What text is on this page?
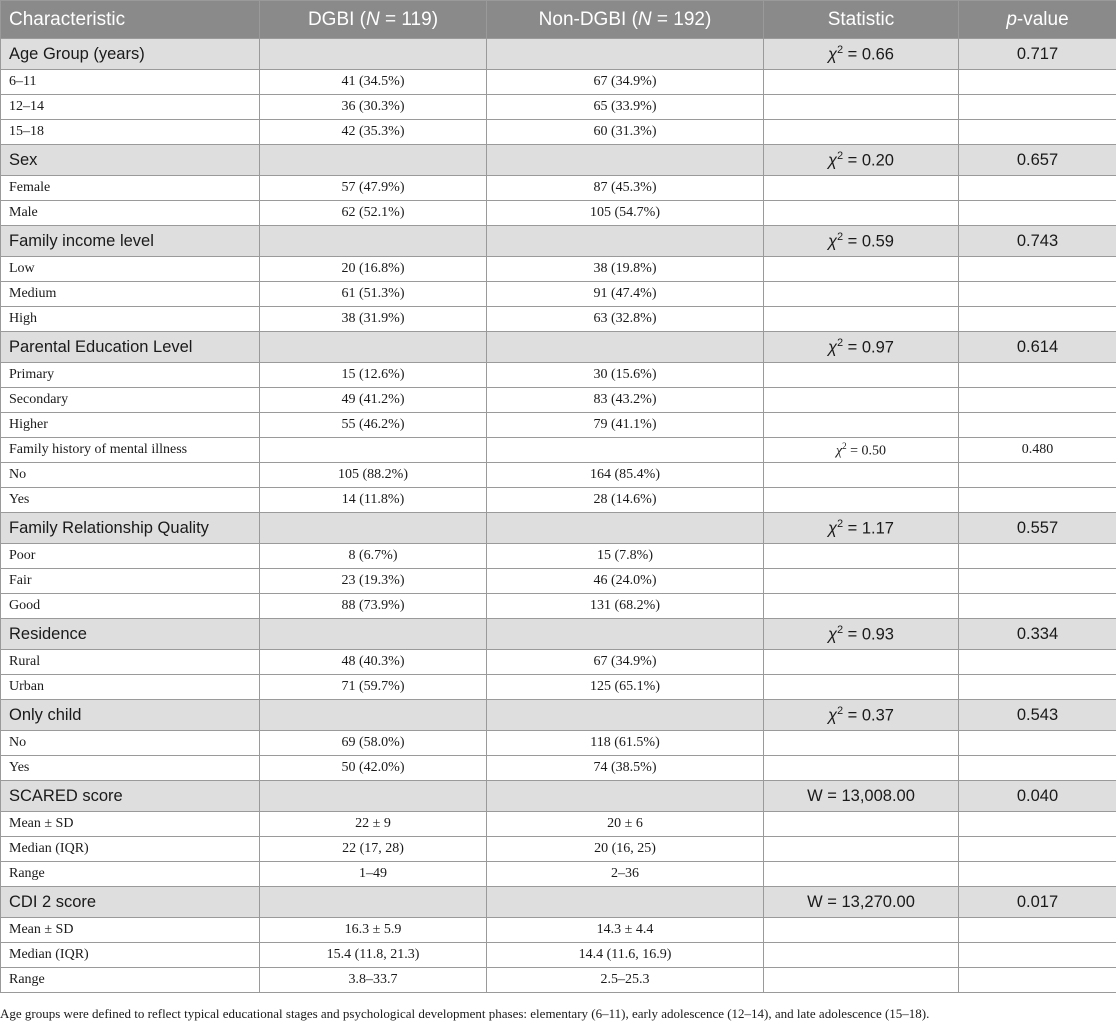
Characteristic	DGBI (N = 119)	Non-DGBI (N = 192)	Statistic	p-value
Age Group (years)			$\chi^2 = 0.66$	0.717
6–11	41 (34.5%)	67 (34.9%)		
12–14	36 (30.3%)	65 (33.9%)		
15–18	42 (35.3%)	60 (31.3%)		
Sex			$\chi^2 = 0.20$	0.657
Female	57 (47.9%)	87 (45.3%)		
Male	62 (52.1%)	105 (54.7%)		
Family income level			$\chi^2 = 0.59$	0.743
Low	20 (16.8%)	38 (19.8%)		
Medium	61 (51.3%)	91 (47.4%)		
High	38 (31.9%)	63 (32.8%)		
Parental Education Level			$\chi^2 = 0.97$	0.614
Primary	15 (12.6%)	30 (15.6%)		
Secondary	49 (41.2%)	83 (43.2%)		
Higher	55 (46.2%)	79 (41.1%)		
Family history of mental illness			$\chi^2 = 0.50$	0.480
No	105 (88.2%)	164 (85.4%)		
Yes	14 (11.8%)	28 (14.6%)		
Family Relationship Quality			$\chi^2 = 1.17$	0.557
Poor	8 (6.7%)	15 (7.8%)		
Fair	23 (19.3%)	46 (24.0%)		
Good	88 (73.9%)	131 (68.2%)		
Residence			$\chi^2 = 0.93$	0.334
Rural	48 (40.3%)	67 (34.9%)		
Urban	71 (59.7%)	125 (65.1%)		
Only child			$\chi^2 = 0.37$	0.543
No	69 (58.0%)	118 (61.5%)		
Yes	50 (42.0%)	74 (38.5%)		
SCARED score			W = 13,008.00	0.040
Mean ± SD	22 ± 9	20 ± 6		
Median (IQR)	22 (17, 28)	20 (16, 25)		
Range	1–49	2–36		
CDI 2 score			W = 13,270.00	0.017
Mean ± SD	16.3 ± 5.9	14.3 ± 4.4		
Median (IQR)	15.4 (11.8, 21.3)	14.4 (11.6, 16.9)		
Range	3.8–33.7	2.5–25.3		
Age groups were defined to reflect typical educational stages and psychological development phases: elementary (6–11), early adolescence (12–14), and late adolescence (15–18).
